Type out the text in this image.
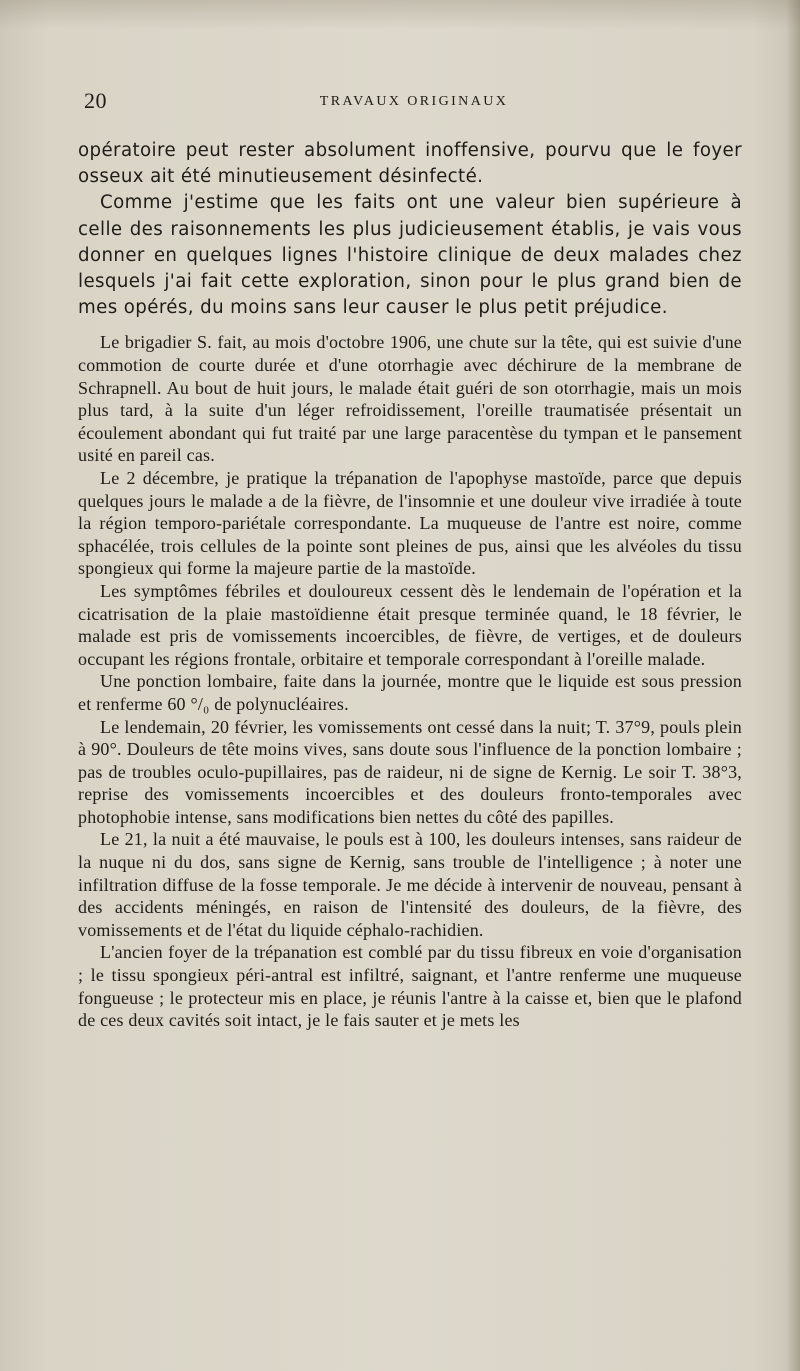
20	TRAVAUX ORIGINAUX

opératoire peut rester absolument inoffensive, pourvu que le foyer osseux ait été minutieusement désinfecté.

Comme j'estime que les faits ont une valeur bien supérieure à celle des raisonnements les plus judicieusement établis, je vais vous donner en quelques lignes l'histoire clinique de deux malades chez lesquels j'ai fait cette exploration, sinon pour le plus grand bien de mes opérés, du moins sans leur causer le plus petit préjudice.

Le brigadier S. fait, au mois d'octobre 1906, une chute sur la tête, qui est suivie d'une commotion de courte durée et d'une otorrhagie avec déchirure de la membrane de Schrapnell. Au bout de huit jours, le malade était guéri de son otorrhagie, mais un mois plus tard, à la suite d'un léger refroidissement, l'oreille traumatisée présentait un écoulement abondant qui fut traité par une large paracentèse du tympan et le pansement usité en pareil cas.

Le 2 décembre, je pratique la trépanation de l'apophyse mastoïde, parce que depuis quelques jours le malade a de la fièvre, de l'insomnie et une douleur vive irradiée à toute la région temporo-pariétale correspondante. La muqueuse de l'antre est noire, comme sphacélée, trois cellules de la pointe sont pleines de pus, ainsi que les alvéoles du tissu spongieux qui forme la majeure partie de la mastoïde.

Les symptômes fébriles et douloureux cessent dès le lendemain de l'opération et la cicatrisation de la plaie mastoïdienne était presque terminée quand, le 18 février, le malade est pris de vomissements incoercibles, de fièvre, de vertiges, et de douleurs occupant les régions frontale, orbitaire et temporale correspondant à l'oreille malade.

Une ponction lombaire, faite dans la journée, montre que le liquide est sous pression et renferme 60 °/₀ de polynucléaires.

Le lendemain, 20 février, les vomissements ont cessé dans la nuit; T. 37°9, pouls plein à 90°. Douleurs de tête moins vives, sans doute sous l'influence de la ponction lombaire ; pas de troubles oculo-pupillaires, pas de raideur, ni de signe de Kernig. Le soir T. 38°3, reprise des vomissements incoercibles et des douleurs fronto-temporales avec photophobie intense, sans modifications bien nettes du côté des papilles.

Le 21, la nuit a été mauvaise, le pouls est à 100, les douleurs intenses, sans raideur de la nuque ni du dos, sans signe de Kernig, sans trouble de l'intelligence ; à noter une infiltration diffuse de la fosse temporale. Je me décide à intervenir de nouveau, pensant à des accidents méningés, en raison de l'intensité des douleurs, de la fièvre, des vomissements et de l'état du liquide céphalo-rachidien.

L'ancien foyer de la trépanation est comblé par du tissu fibreux en voie d'organisation ; le tissu spongieux péri-antral est infiltré, saignant, et l'antre renferme une muqueuse fongueuse ; le protecteur mis en place, je réunis l'antre à la caisse et, bien que le plafond de ces deux cavités soit intact, je le fais sauter et je mets les
